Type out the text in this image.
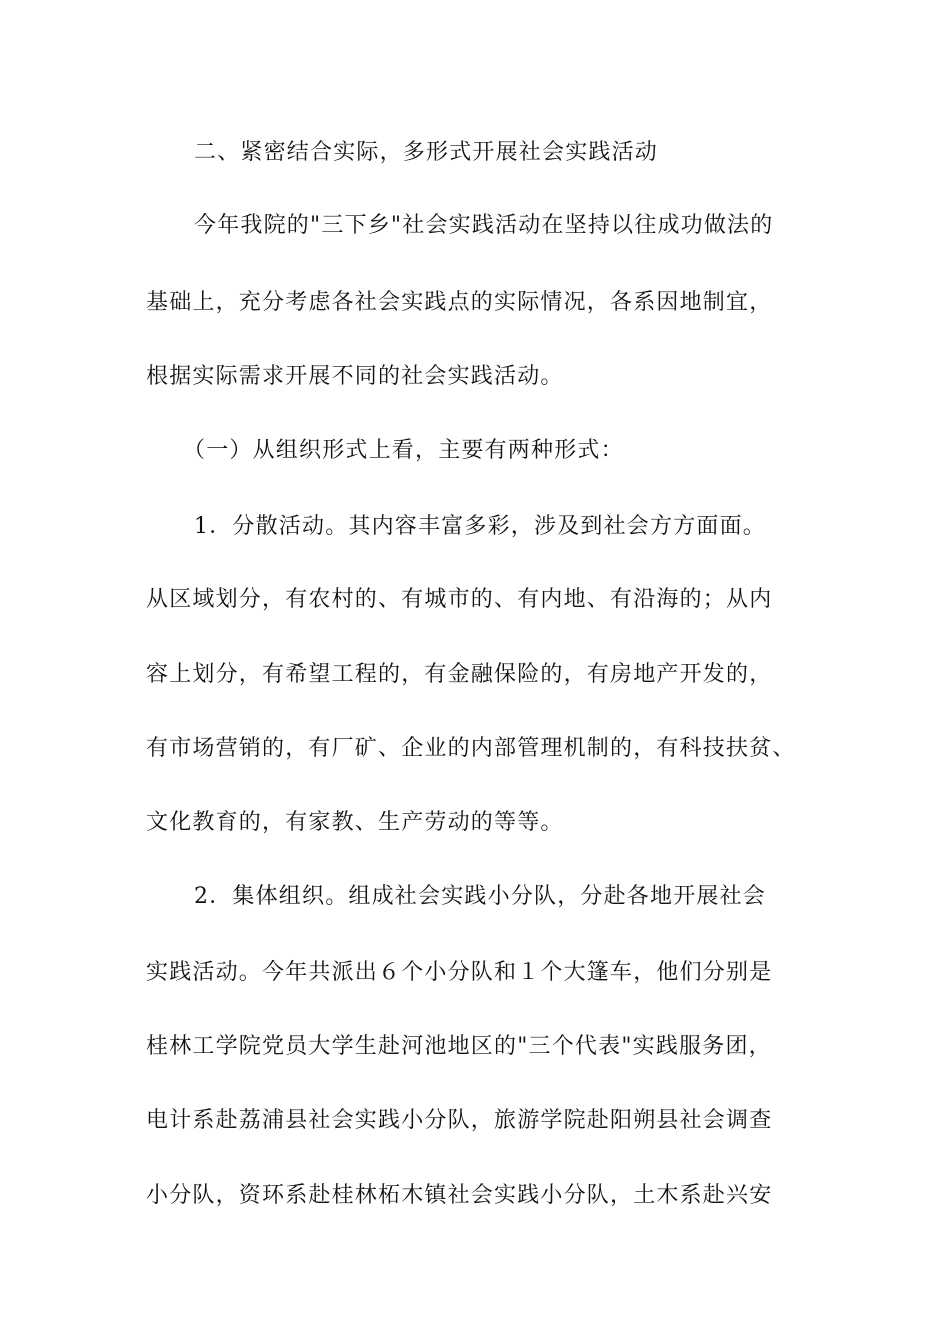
二、紧密结合实际，多形式开展社会实践活动
今年我院的"三下乡"社会实践活动在坚持以往成功做法的
基础上，充分考虑各社会实践点的实际情况，各系因地制宜，
根据实际需求开展不同的社会实践活动。
（一）从组织形式上看，主要有两种形式：
1．分散活动。其内容丰富多彩，涉及到社会方方面面。
从区域划分，有农村的、有城市的、有内地、有沿海的；从内
容上划分，有希望工程的，有金融保险的，有房地产开发的，
有市场营销的，有厂矿、企业的内部管理机制的，有科技扶贫、
文化教育的，有家教、生产劳动的等等。
2．集体组织。组成社会实践小分队，分赴各地开展社会
实践活动。今年共派出６个小分队和１个大篷车，他们分别是
桂林工学院党员大学生赴河池地区的"三个代表"实践服务团，
电计系赴荔浦县社会实践小分队，旅游学院赴阳朔县社会调查
小分队，资环系赴桂林柘木镇社会实践小分队，土木系赴兴安
